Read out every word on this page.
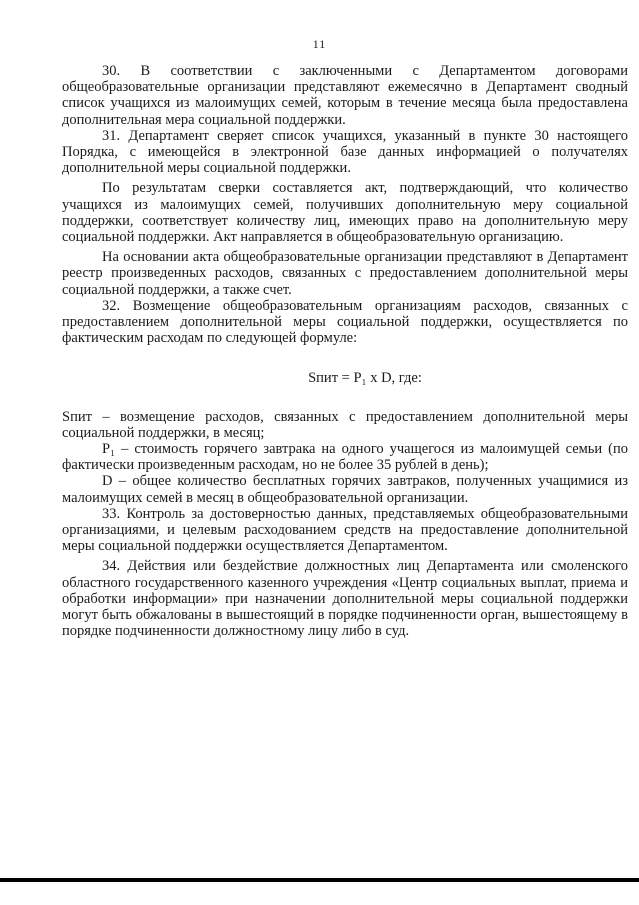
11

30. В соответствии с заключенными с Департаментом договорами общеобразовательные организации представляют ежемесячно в Департамент сводный список учащихся из малоимущих семей, которым в течение месяца была предоставлена дополнительная мера социальной поддержки.

31. Департамент сверяет список учащихся, указанный в пункте 30 настоящего Порядка, с имеющейся в электронной базе данных информацией о получателях дополнительной меры социальной поддержки.

По результатам сверки составляется акт, подтверждающий, что количество учащихся из малоимущих семей, получивших дополнительную меру социальной поддержки, соответствует количеству лиц, имеющих право на дополнительную меру социальной поддержки. Акт направляется в общеобразовательную организацию.

На основании акта общеобразовательные организации представляют в Департамент реестр произведенных расходов, связанных с предоставлением дополнительной меры социальной поддержки, а также счет.

32. Возмещение общеобразовательным организациям расходов, связанных с предоставлением дополнительной меры социальной поддержки, осуществляется по фактическим расходам по следующей формуле:

Sпит = P₁ x D, где:

Sпит – возмещение расходов, связанных с предоставлением дополнительной меры социальной поддержки, в месяц;

P₁ – стоимость горячего завтрака на одного учащегося из малоимущей семьи (по фактически произведенным расходам, но не более 35 рублей в день);

D – общее количество бесплатных горячих завтраков, полученных учащимися из малоимущих семей в месяц в общеобразовательной организации.

33. Контроль за достоверностью данных, представляемых общеобразовательными организациями, и целевым расходованием средств на предоставление дополнительной меры социальной поддержки осуществляется Департаментом.

34. Действия или бездействие должностных лиц Департамента или смоленского областного государственного казенного учреждения «Центр социальных выплат, приема и обработки информации» при назначении дополнительной меры социальной поддержки могут быть обжалованы в вышестоящий в порядке подчиненности орган, вышестоящему в порядке подчиненности должностному лицу либо в суд.
